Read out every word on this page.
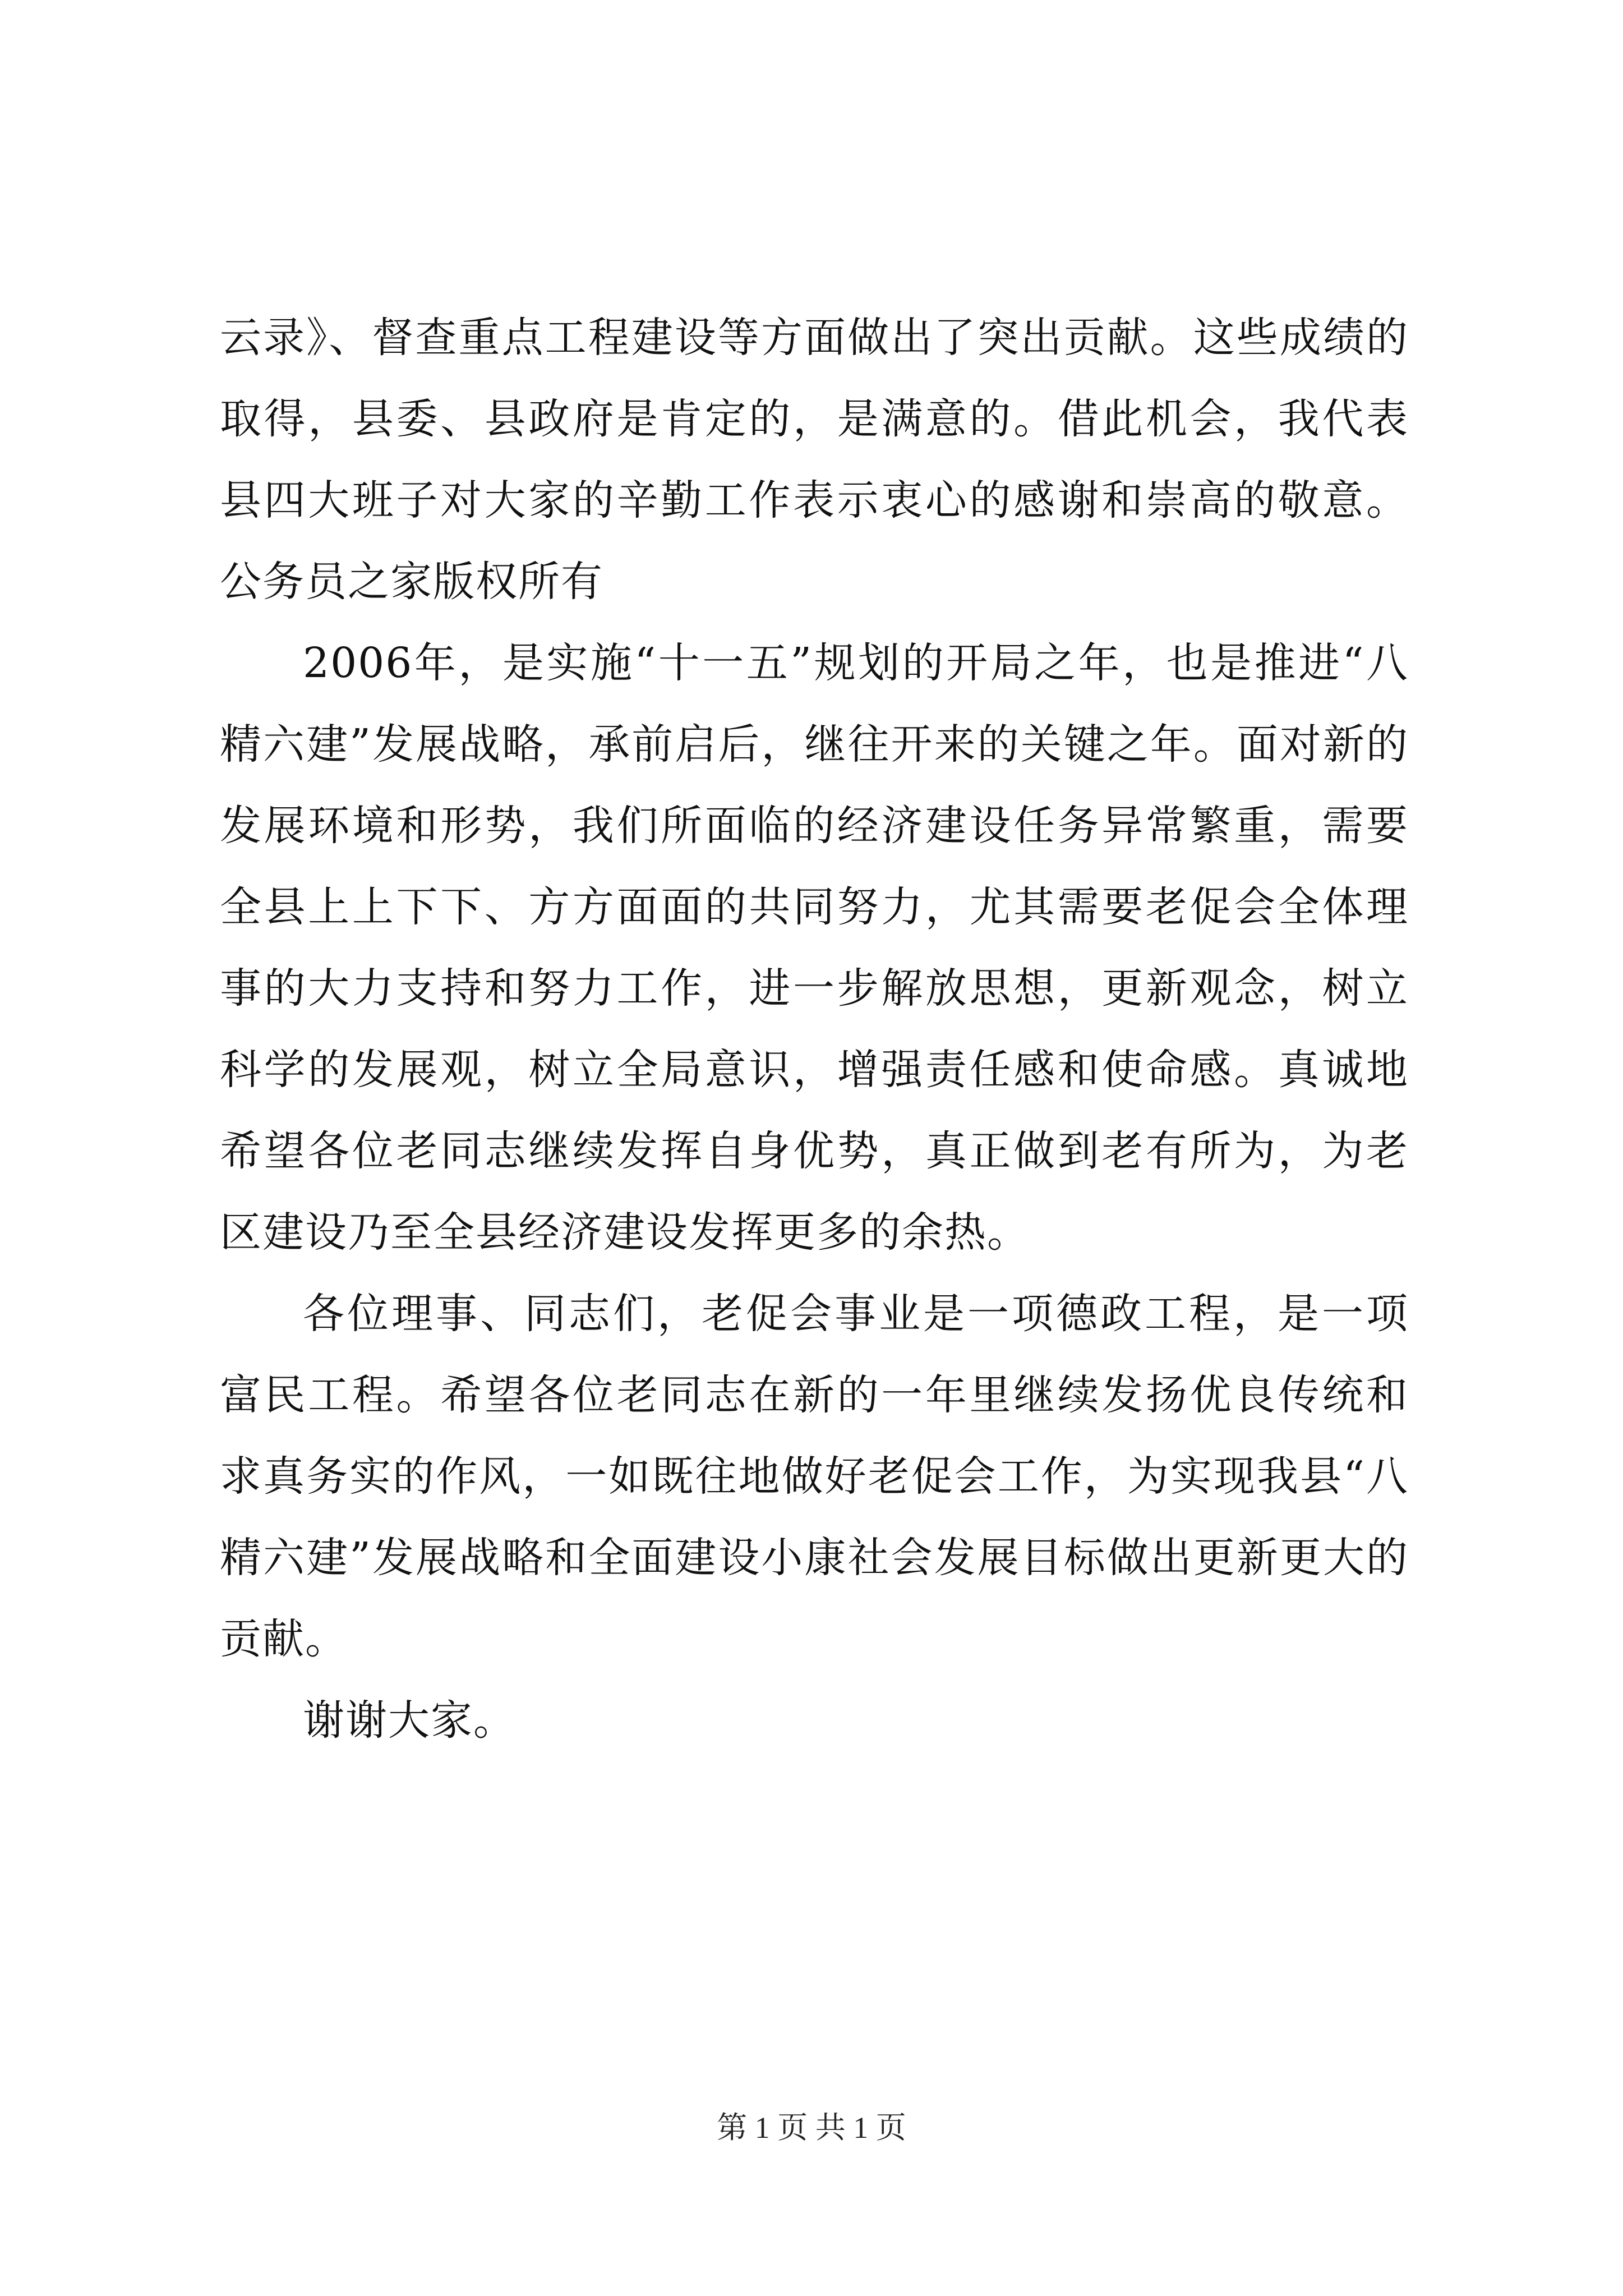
云录》、督查重点工程建设等方面做出了突出贡献。这些成绩的取得，县委、县政府是肯定的，是满意的。借此机会，我代表县四大班子对大家的辛勤工作表示衷心的感谢和崇高的敬意。公务员之家版权所有

2006年，是实施“十一五”规划的开局之年，也是推进“八精六建”发展战略，承前启后，继往开来的关键之年。面对新的发展环境和形势，我们所面临的经济建设任务异常繁重，需要全县上上下下、方方面面的共同努力，尤其需要老促会全体理事的大力支持和努力工作，进一步解放思想，更新观念，树立科学的发展观，树立全局意识，增强责任感和使命感。真诚地希望各位老同志继续发挥自身优势，真正做到老有所为，为老区建设乃至全县经济建设发挥更多的余热。

各位理事、同志们，老促会事业是一项德政工程，是一项富民工程。希望各位老同志在新的一年里继续发扬优良传统和求真务实的作风，一如既往地做好老促会工作，为实现我县“八精六建”发展战略和全面建设小康社会发展目标做出更新更大的贡献。

谢谢大家。

第 1 页 共 1 页
